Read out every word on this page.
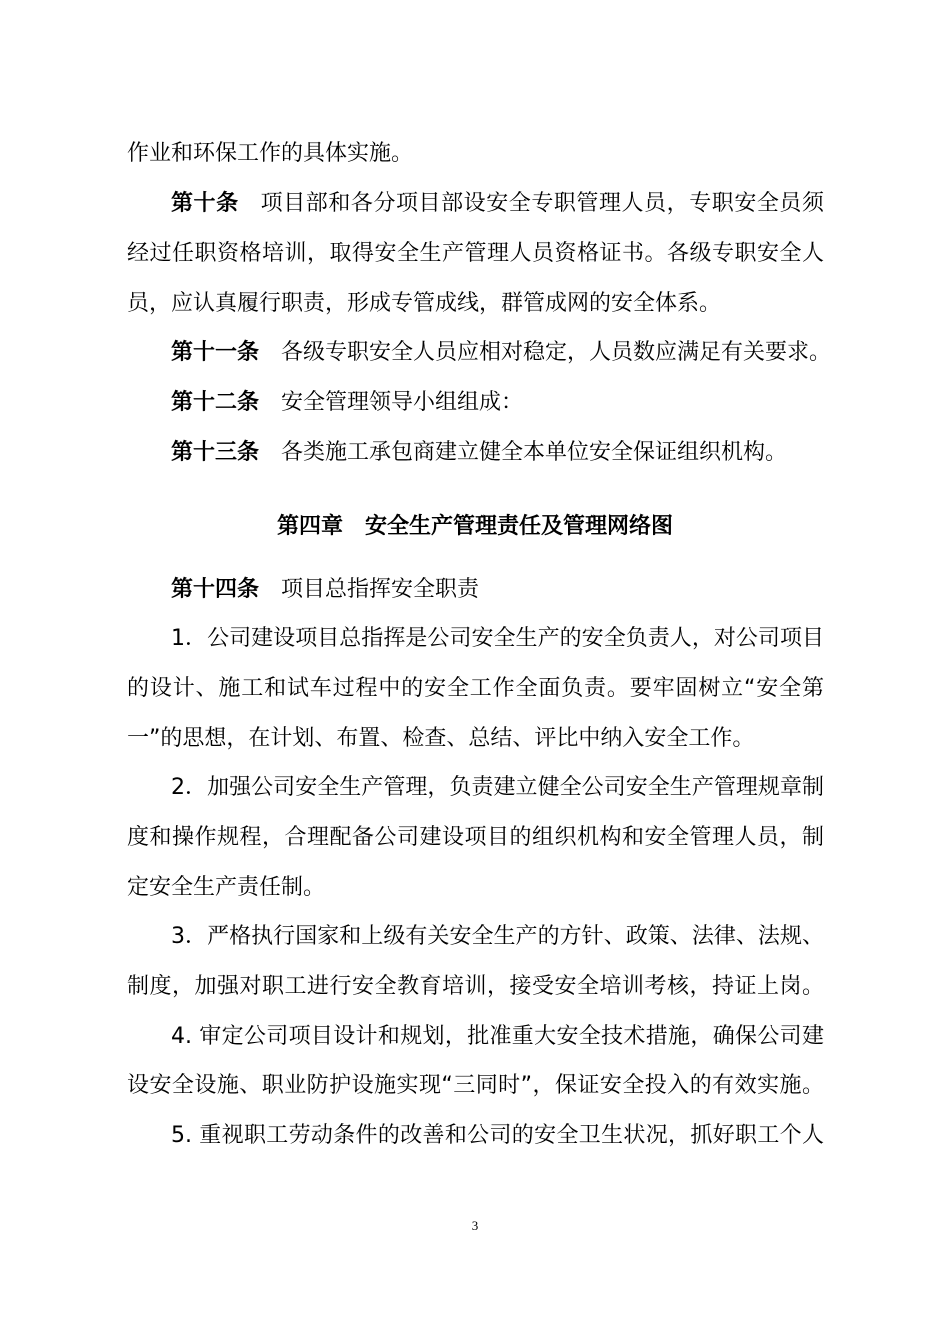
作业和环保工作的具体实施。
第十条 项目部和各分项目部设安全专职管理人员，专职安全员须
经过任职资格培训，取得安全生产管理人员资格证书。各级专职安全人
员，应认真履行职责，形成专管成线，群管成网的安全体系。
第十一条 各级专职安全人员应相对稳定，人员数应满足有关要求。
第十二条 安全管理领导小组组成：
第十三条 各类施工承包商建立健全本单位安全保证组织机构。
第四章 安全生产管理责任及管理网络图
第十四条 项目总指挥安全职责
1．公司建设项目总指挥是公司安全生产的安全负责人，对公司项目
的设计、施工和试车过程中的安全工作全面负责。要牢固树立“安全第
一”的思想，在计划、布置、检查、总结、评比中纳入安全工作。
2．加强公司安全生产管理，负责建立健全公司安全生产管理规章制
度和操作规程，合理配备公司建设项目的组织机构和安全管理人员，制
定安全生产责任制。
3．严格执行国家和上级有关安全生产的方针、政策、法律、法规、
制度，加强对职工进行安全教育培训，接受安全培训考核，持证上岗。
4. 审定公司项目设计和规划，批准重大安全技术措施，确保公司建
设安全设施、职业防护设施实现“三同时”，保证安全投入的有效实施。
5. 重视职工劳动条件的改善和公司的安全卫生状况，抓好职工个人
3
